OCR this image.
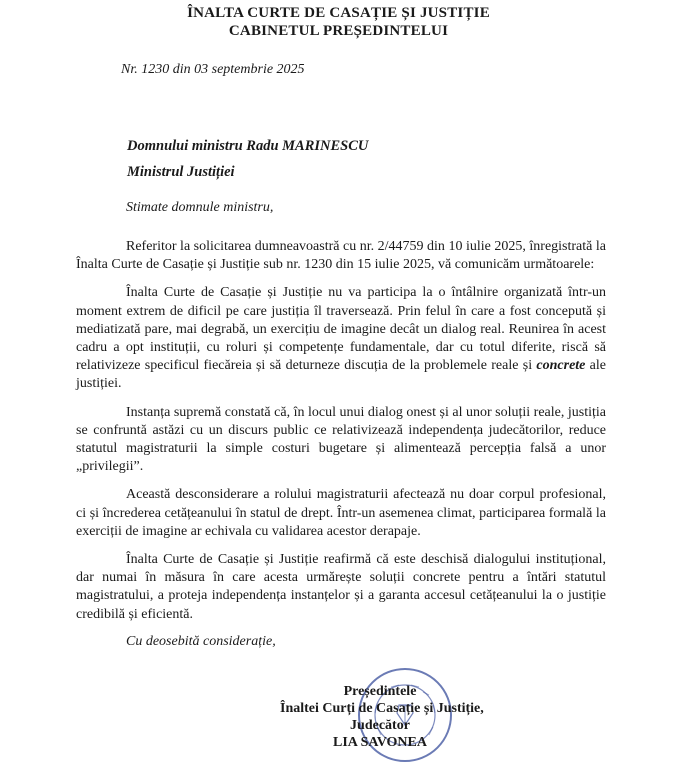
ÎNALTA CURTE DE CASAȚIE ȘI JUSTIȚIE
CABINETUL PREȘEDINTELUI
Nr. 1230 din 03 septembrie 2025
Domnului ministru Radu MARINESCU
Ministrul Justiției
Stimate domnule ministru,

Referitor la solicitarea dumneavoastră cu nr. 2/44759 din 10 iulie 2025, înregistrată la Înalta Curte de Casație și Justiție sub nr. 1230 din 15 iulie 2025, vă comunicăm următoarele:

Înalta Curte de Casație și Justiție nu va participa la o întâlnire organizată într-un moment extrem de dificil pe care justiția îl traversează. Prin felul în care a fost concepută și mediatizată pare, mai degrabă, un exercițiu de imagine decât un dialog real. Reunirea în acest cadru a opt instituții, cu roluri și competențe fundamentale, dar cu totul diferite, riscă să relativizeze specificul fiecăreia și să deturneze discuția de la problemele reale și concrete ale justiției.

Instanța supremă constată că, în locul unui dialog onest și al unor soluții reale, justiția se confruntă astăzi cu un discurs public ce relativizează independența judecătorilor, reduce statutul magistraturii la simple costuri bugetare și alimentează percepția falsă a unor „privilegii”.

Această desconsiderare a rolului magistraturii afectează nu doar corpul profesional, ci și încrederea cetățeanului în statul de drept. Într-un asemenea climat, participarea formală la exerciții de imagine ar echivala cu validarea acestor derapaje.

Înalta Curte de Casație și Justiție reafirmă că este deschisă dialogului instituțional, dar numai în măsura în care acesta urmărește soluții concrete pentru a întări statutul magistratului, a proteja independența instanțelor și a garanta accesul cetățeanului la o justiție credibilă și eficientă.

Cu deosebită considerație,
Președintele
Înaltei Curți de Casație și Justiție,
Judecător
LIA SAVONEA
